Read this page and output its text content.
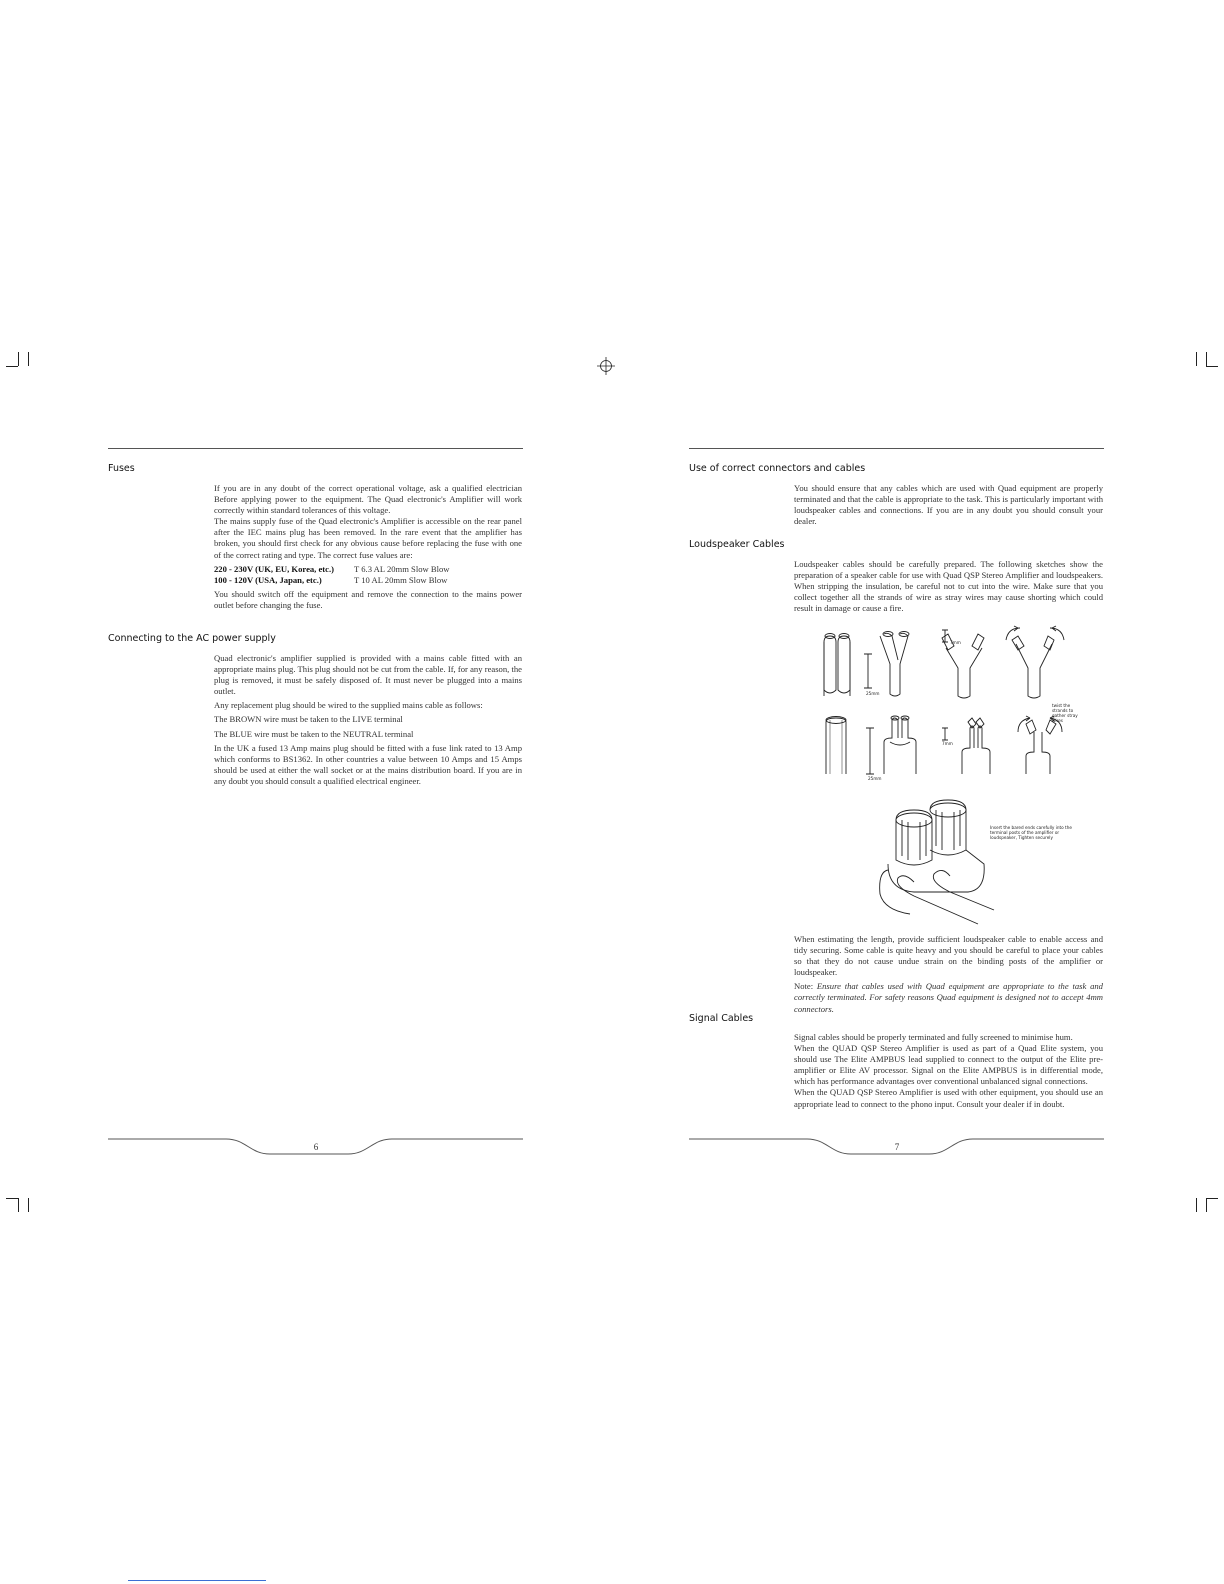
Fuses

If you are in any doubt of the correct operational voltage, ask a qualified electrician Before applying power to the equipment. The Quad electronic's Amplifier will work correctly within standard tolerances of this voltage.

The mains supply fuse of the Quad electronic's Amplifier is accessible on the rear panel after the IEC mains plug has been removed. In the rare event that the amplifier has broken, you should first check for any obvious cause before replacing the fuse with one of the correct rating and type. The correct fuse values are:

220 - 230V (UK, EU, Korea, etc.)	T 6.3 AL 20mm Slow Blow
100 - 120V (USA, Japan, etc.)	T 10 AL 20mm Slow Blow

You should switch off the equipment and remove the connection to the mains power outlet before changing the fuse.

Connecting to the AC power supply

Quad electronic's amplifier supplied is provided with a mains cable fitted with an appropriate mains plug. This plug should not be cut from the cable. If, for any reason, the plug is removed, it must be safely disposed of. It must never be plugged into a mains outlet.

Any replacement plug should be wired to the supplied mains cable as follows:

The BROWN wire must be taken to the LIVE terminal

The BLUE wire must be taken to the NEUTRAL terminal

In the UK a fused 13 Amp mains plug should be fitted with a fuse link rated to 13 Amp which conforms to BS1362. In other countries a value between 10 Amps and 15 Amps should be used at either the wall socket or at the mains distribution board. If you are in any doubt you should consult a qualified electrical engineer.

6
Use of correct connectors and cables

You should ensure that any cables which are used with Quad equipment are properly terminated and that the cable is appropriate to the task. This is particularly important with loudspeaker cables and connections. If you are in any doubt you should consult your dealer.

Loudspeaker Cables

Loudspeaker cables should be carefully prepared. The following sketches show the preparation of a speaker cable for use with Quad QSP Stereo Amplifier and loudspeakers. When stripping the insulation, be careful not to cut into the wire. Make sure that you collect together all the strands of wire as stray wires may cause shorting which could result in damage or cause a fire.

7mm
25mm
twist the strands to gather stray wires
7mm
25mm
Insert the bared ends carefully into the terminal posts of the amplifier or loudspeaker, Tighten securely

When estimating the length, provide sufficient loudspeaker cable to enable access and tidy securing. Some cable is quite heavy and you should be careful to place your cables so that they do not cause undue strain on the binding posts of the amplifier or loudspeaker.

Note: Ensure that cables used with Quad equipment are appropriate to the task and correctly terminated. For safety reasons Quad equipment is designed not to accept 4mm connectors.

Signal Cables

Signal cables should be properly terminated and fully screened to minimise hum.

When the QUAD QSP Stereo Amplifier is used as part of a Quad Elite system, you should use The Elite AMPBUS lead supplied to connect to the output of the Elite pre-amplifier or Elite AV processor. Signal on the Elite AMPBUS is in differential mode, which has performance advantages over conventional unbalanced signal connections.

When the QUAD QSP Stereo Amplifier is used with other equipment, you should use an appropriate lead to connect to the phono input. Consult your dealer if in doubt.

7
